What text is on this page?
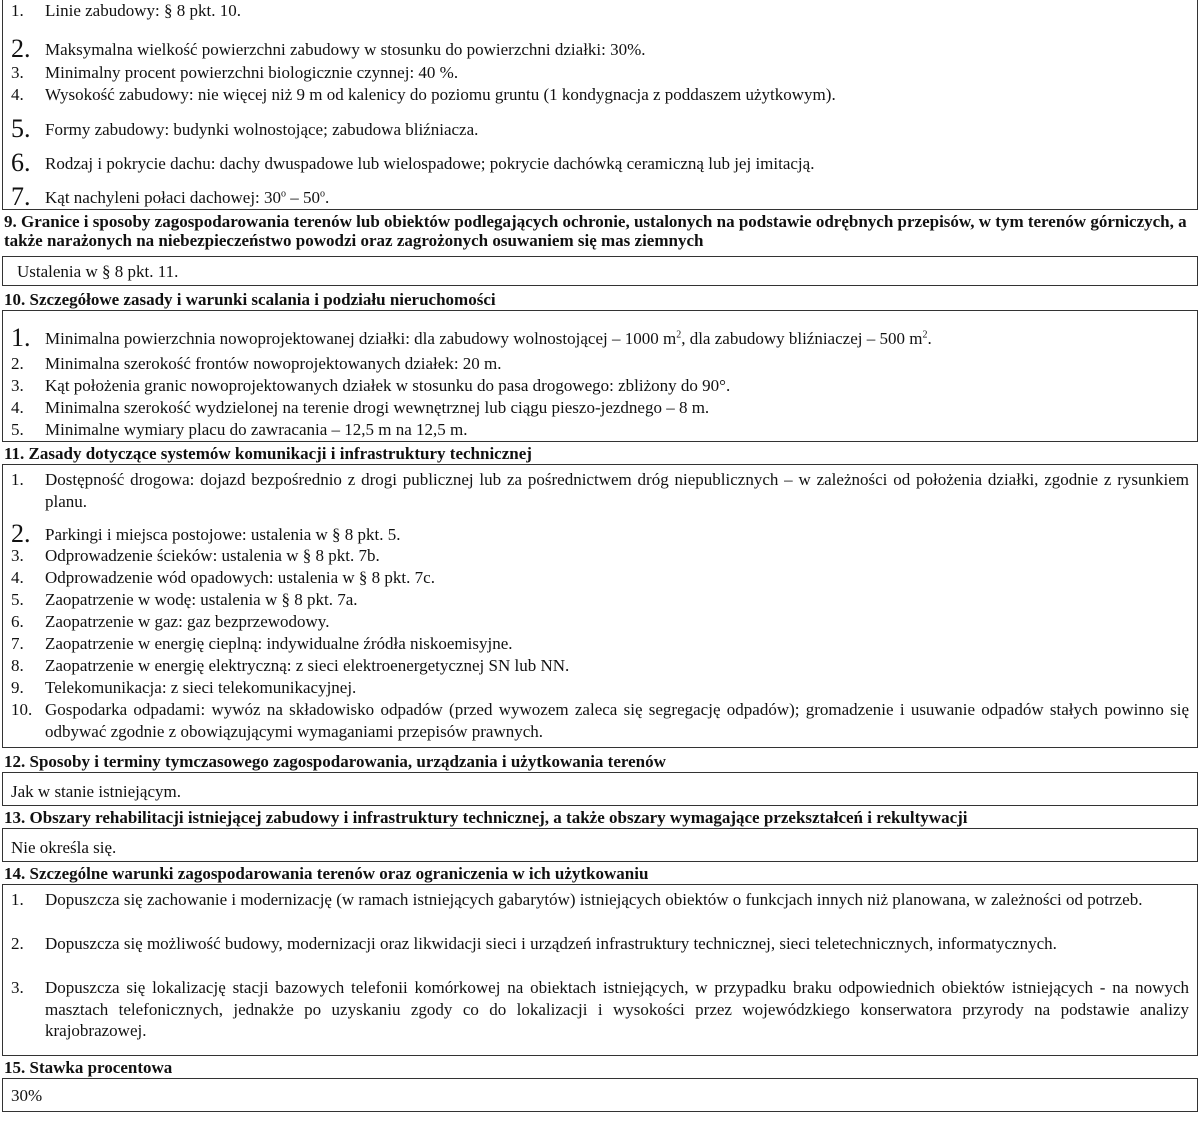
1.	Linie zabudowy: § 8 pkt. 10.
2. Maksymalna wielkość powierzchni zabudowy w stosunku do powierzchni działki: 30%.
3.	Minimalny procent powierzchni biologicznie czynnej: 40 %.
4.	Wysokość zabudowy: nie więcej niż 9 m od kalenicy do poziomu gruntu (1 kondygnacja z poddaszem użytkowym).
5. Formy zabudowy: budynki wolnostojące; zabudowa bliźniacza.
6. Rodzaj i pokrycie dachu: dachy dwuspadowe lub wielospadowe; pokrycie dachówką ceramiczną lub jej imitacją.
7. Kąt nachyleni połaci dachowej: 30$^o$ – 50$^o$.
9. Granice i sposoby zagospodarowania terenów lub obiektów podlegających ochronie, ustalonych na podstawie odrębnych przepisów, w tym terenów górniczych, a także narażonych na niebezpieczeństwo powodzi oraz zagrożonych osuwaniem się mas ziemnych
Ustalenia w § 8 pkt. 11.
10. Szczegółowe zasady i warunki scalania i podziału nieruchomości
1. Minimalna powierzchnia nowoprojektowanej działki: dla zabudowy wolnostojącej – 1000 $m^2$, dla zabudowy bliźniaczej – 500 $m^2$.
2.	Minimalna szerokość frontów nowoprojektowanych działek: 20 m.
3.	Kąt położenia granic nowoprojektowanych działek w stosunku do pasa drogowego: zbliżony do 90°.
4.	Minimalna szerokość wydzielonej na terenie drogi wewnętrznej lub ciągu pieszo-jezdnego – 8 m.
5.	Minimalne wymiary placu do zawracania – 12,5 m na 12,5 m.
11. Zasady dotyczące systemów komunikacji i infrastruktury technicznej
1.	Dostępność drogowa: dojazd bezpośrednio z drogi publicznej lub za pośrednictwem dróg niepublicznych – w zależności od położenia działki, zgodnie z rysunkiem planu.
2. Parkingi i miejsca postojowe: ustalenia w § 8 pkt. 5.
3.	Odprowadzenie ścieków: ustalenia w § 8 pkt. 7b.
4.	Odprowadzenie wód opadowych: ustalenia w § 8 pkt. 7c.
5.	Zaopatrzenie w wodę: ustalenia w § 8 pkt. 7a.
6.	Zaopatrzenie w gaz: gaz bezprzewodowy.
7.	Zaopatrzenie w energię cieplną: indywidualne źródła niskoemisyjne.
8.	Zaopatrzenie w energię elektryczną: z sieci elektroenergetycznej SN lub NN.
9.	Telekomunikacja: z sieci telekomunikacyjnej.
10. Gospodarka odpadami: wywóz na składowisko odpadów (przed wywozem zaleca się segregację odpadów); gromadzenie i usuwanie odpadów stałych powinno się odbywać zgodnie z obowiązującymi wymaganiami przepisów prawnych.
12. Sposoby i terminy tymczasowego zagospodarowania, urządzania i użytkowania terenów
Jak w stanie istniejącym.
13. Obszary rehabilitacji istniejącej zabudowy i infrastruktury technicznej, a także obszary wymagające przekształceń i rekultywacji
Nie określa się.
14. Szczególne warunki zagospodarowania terenów oraz ograniczenia w ich użytkowaniu
1.	Dopuszcza się zachowanie i modernizację (w ramach istniejących gabarytów) istniejących obiektów o funkcjach innych niż planowana, w zależności od potrzeb.
2.	Dopuszcza się możliwość budowy, modernizacji oraz likwidacji sieci i urządzeń infrastruktury technicznej, sieci teletechnicznych, informatycznych.
3.	Dopuszcza się lokalizację stacji bazowych telefonii komórkowej na obiektach istniejących, w przypadku braku odpowiednich obiektów istniejących - na nowych masztach telefonicznych, jednakże po uzyskaniu zgody co do lokalizacji i wysokości przez wojewódzkiego konserwatora przyrody na podstawie analizy krajobrazowej.
15. Stawka procentowa
30%
